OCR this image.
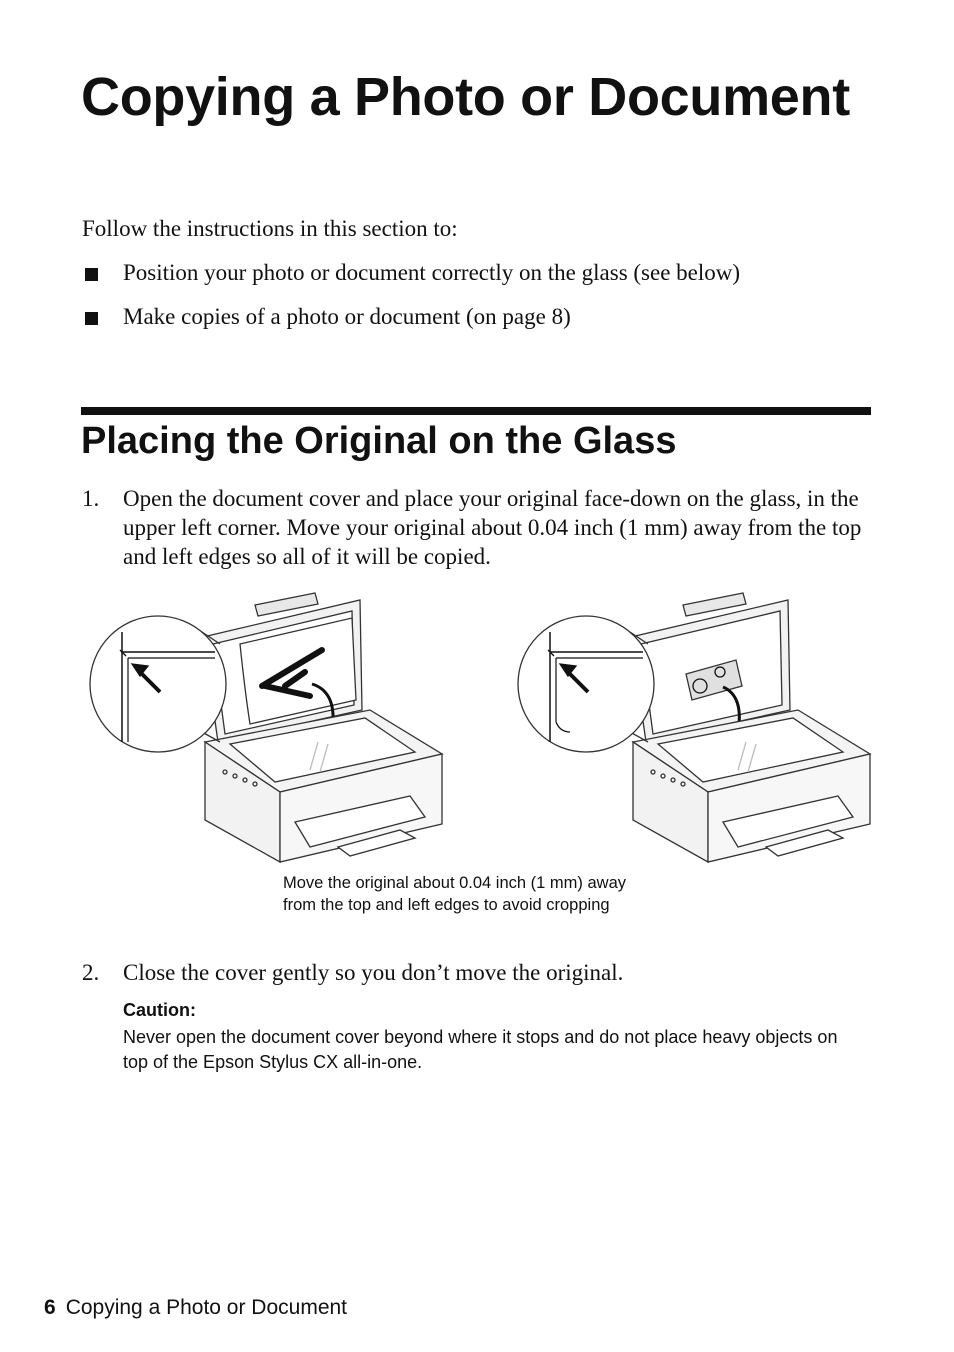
Copying a Photo or Document
Follow the instructions in this section to:
Position your photo or document correctly on the glass (see below)
Make copies of a photo or document (on page 8)
Placing the Original on the Glass
1. Open the document cover and place your original face-down on the glass, in the upper left corner. Move your original about 0.04 inch (1 mm) away from the top and left edges so all of it will be copied.
Move the original about 0.04 inch (1 mm) away
from the top and left edges to avoid cropping
2. Close the cover gently so you don’t move the original.
Caution:
Never open the document cover beyond where it stops and do not place heavy objects on top of the Epson Stylus CX all-in-one.
6 Copying a Photo or Document
